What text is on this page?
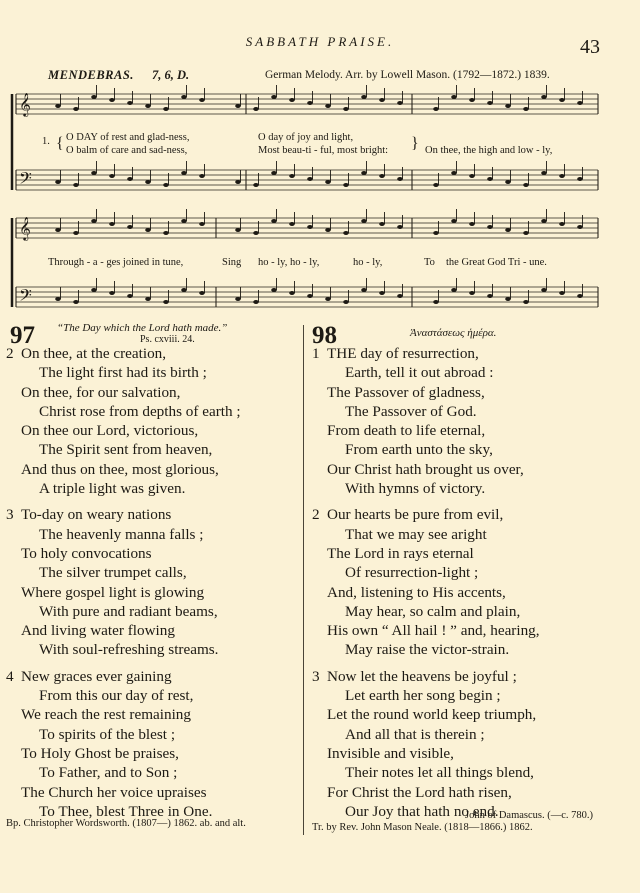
SABBATH PRAISE.	43
MENDEBRAS. 7, 6, D.	German Melody. Arr. by Lowell Mason. (1792—1872.) 1839.
𝄞
𝄢
𝄞
𝄢
1. { O DAY of rest and glad-ness,	O day of joy and light,
O balm of care and sad-ness,	Most beau-ti - ful, most bright: } On thee, the high and low - ly,
Through - a - ges joined in tune,	Sing ho - ly, ho - ly,	ho - ly,	To the Great God Tri - une.
97 “The Day which the Lord hath made.”
Ps. cxviii. 24.
2 On thee, at the creation,
The light first had its birth ;
On thee, for our salvation,
Christ rose from depths of earth ;
On thee our Lord, victorious,
The Spirit sent from heaven,
And thus on thee, most glorious,
A triple light was given.
3 To-day on weary nations
The heavenly manna falls ;
To holy convocations
The silver trumpet calls,
Where gospel light is glowing
With pure and radiant beams,
And living water flowing
With soul-refreshing streams.
4 New graces ever gaining
From this our day of rest,
We reach the rest remaining
To spirits of the blest ;
To Holy Ghost be praises,
To Father, and to Son ;
The Church her voice upraises
To Thee, blest Three in One.
Bp. Christopher Wordsworth. (1807—) 1862. ab. and alt.
98	Ἀναστάσεως ἡμέρα.
1 THE day of resurrection,
Earth, tell it out abroad :
The Passover of gladness,
The Passover of God.
From death to life eternal,
From earth unto the sky,
Our Christ hath brought us over,
With hymns of victory.
2 Our hearts be pure from evil,
That we may see aright
The Lord in rays eternal
Of resurrection-light ;
And, listening to His accents,
May hear, so calm and plain,
His own “ All hail ! ” and, hearing,
May raise the victor-strain.
3 Now let the heavens be joyful ;
Let earth her song begin ;
Let the round world keep triumph,
And all that is therein ;
Invisible and visible,
Their notes let all things blend,
For Christ the Lord hath risen,
Our Joy that hath no end.
John of Damascus. (—c. 780.)
Tr. by Rev. John Mason Neale. (1818—1866.) 1862.
